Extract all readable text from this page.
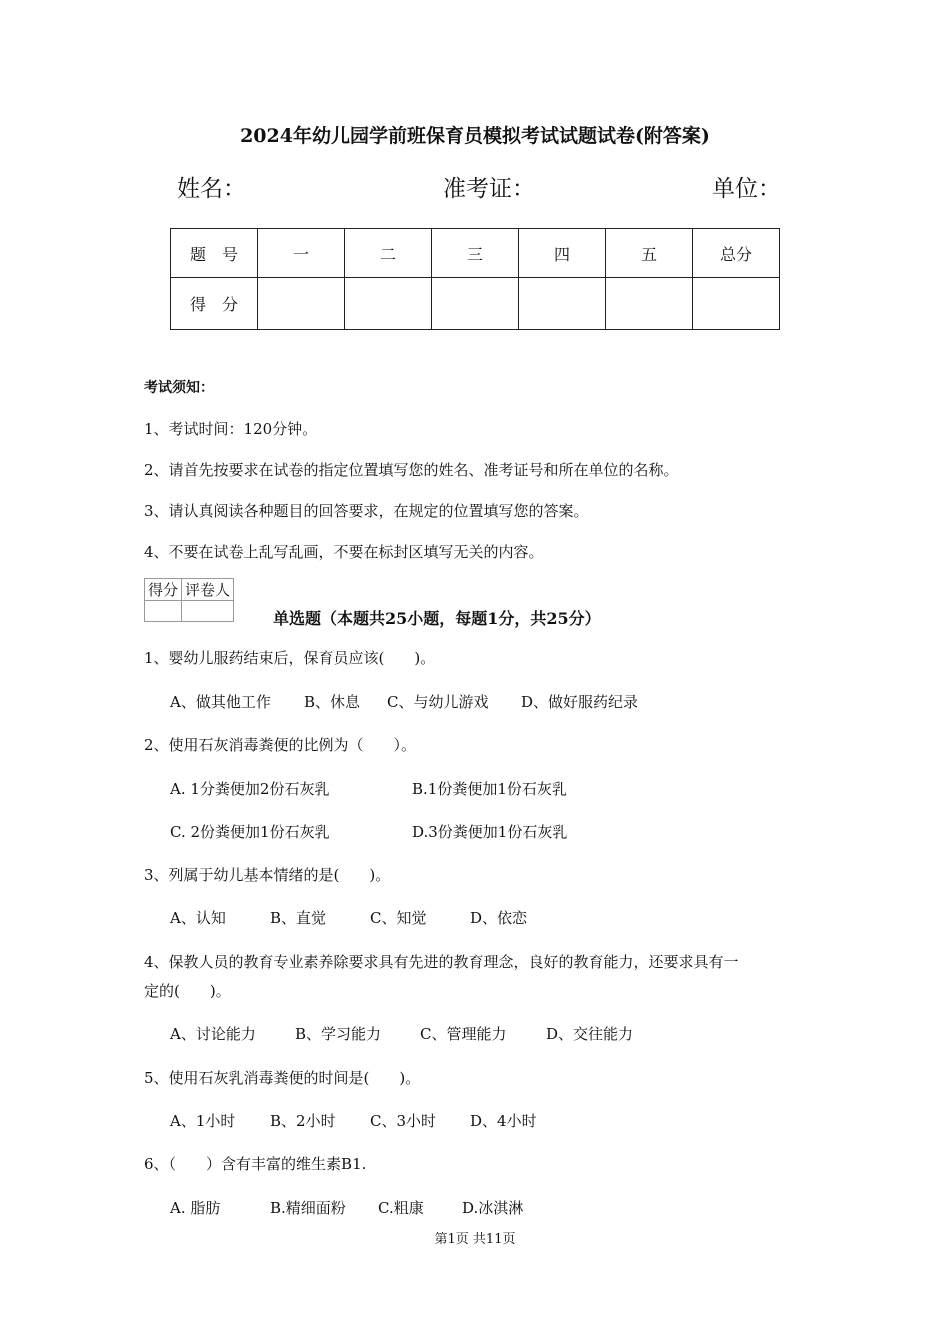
2024年幼儿园学前班保育员模拟考试试题试卷(附答案)
姓名：	准考证：	单位：
题　号	一	二	三	四	五	总分
得　分						
考试须知：
1、考试时间：120分钟。
2、请首先按要求在试卷的指定位置填写您的姓名、准考证号和所在单位的名称。
3、请认真阅读各种题目的回答要求，在规定的位置填写您的答案。
4、不要在试卷上乱写乱画，不要在标封区填写无关的内容。
得分	评卷人

单选题（本题共25小题，每题1分，共25分）
1、婴幼儿服药结束后，保育员应该(　　)。
A、做其他工作 B、休息 C、与幼儿游戏 D、做好服药纪录
2、使用石灰消毒粪便的比例为（　　）。
A. 1分粪便加2份石灰乳	B.1份粪便加1份石灰乳
C. 2份粪便加1份石灰乳	D.3份粪便加1份石灰乳
3、列属于幼儿基本情绪的是(　　)。
A、认知	B、直觉	C、知觉	D、依恋
4、保教人员的教育专业素养除要求具有先进的教育理念，良好的教育能力，还要求具有一
定的(　　)。
A、讨论能力	B、学习能力	C、管理能力	D、交往能力
5、使用石灰乳消毒粪便的时间是(　　)。
A、1小时 B、2小时 C、3小时 D、4小时
6、（　　）含有丰富的维生素B1.
A. 脂肪	B.精细面粉 C.粗康	D.冰淇淋
第1页 共11页
